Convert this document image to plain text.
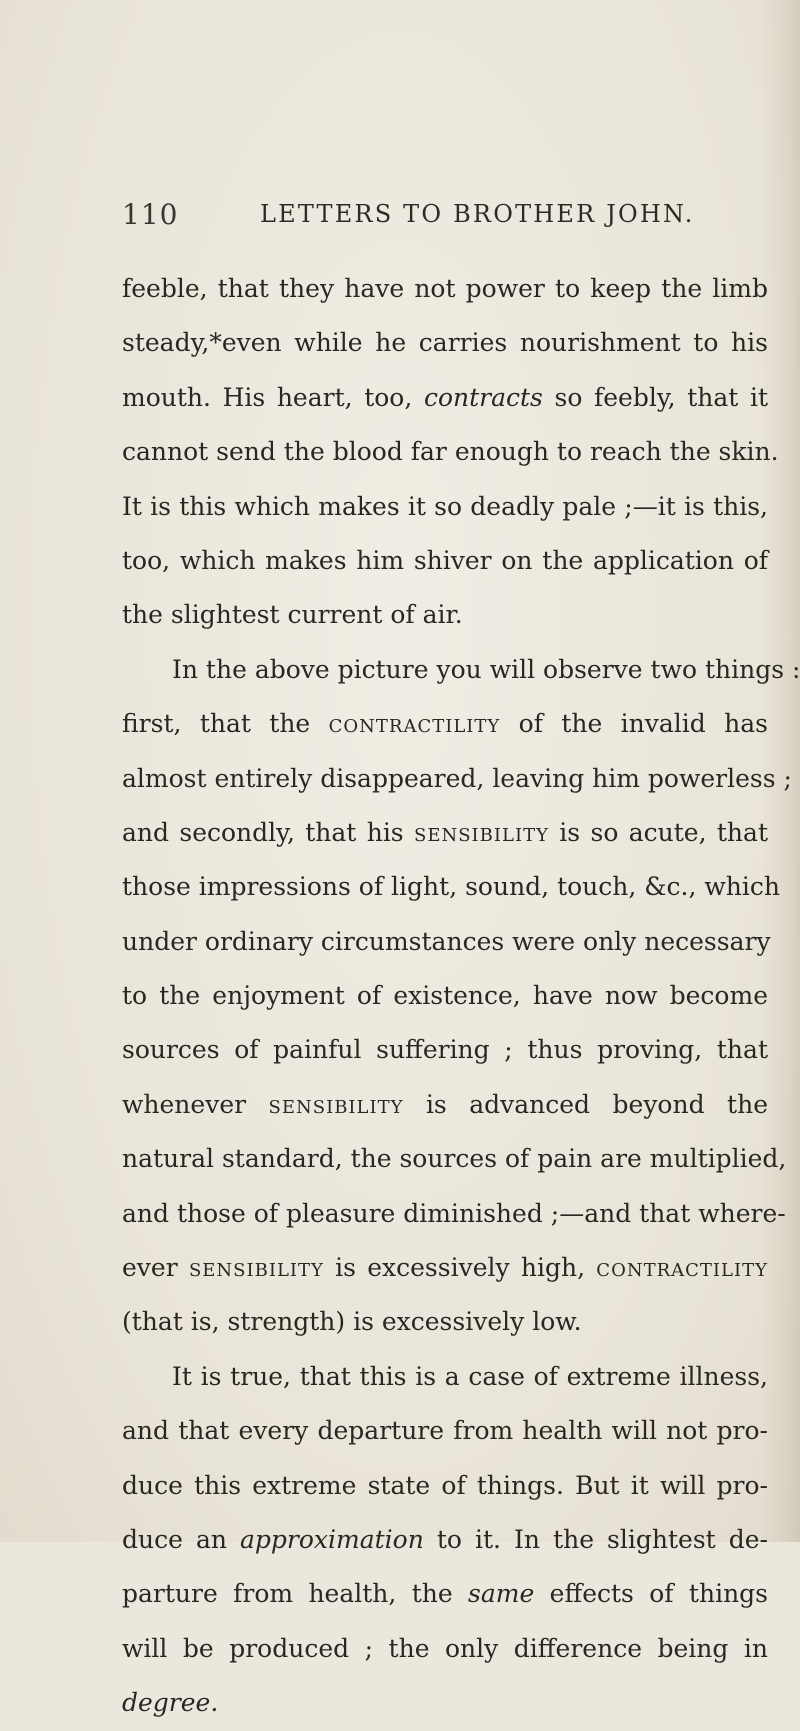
110	LETTERS TO BROTHER JOHN.
feeble, that they have not power to keep the limb
steady,*even while he carries nourishment to his
mouth. His heart, too, contracts so feebly, that it
cannot send the blood far enough to reach the skin.
It is this which makes it so deadly pale ;—it is this,
too, which makes him shiver on the application of
the slightest current of air.
In the above picture you will observe two things :
first, that the contractility of the invalid has
almost entirely disappeared, leaving him powerless ;
and secondly, that his sensibility is so acute, that
those impressions of light, sound, touch, &c., which
under ordinary circumstances were only necessary
to the enjoyment of existence, have now become
sources of painful suffering ; thus proving, that
whenever sensibility is advanced beyond the
natural standard, the sources of pain are multiplied,
and those of pleasure diminished ;—and that where-
ever sensibility is excessively high, contractility
(that is, strength) is excessively low.
It is true, that this is a case of extreme illness,
and that every departure from health will not pro-
duce this extreme state of things. But it will pro-
duce an approximation to it. In the slightest de-
parture from health, the same effects of things
will be produced ; the only difference being in
degree.
